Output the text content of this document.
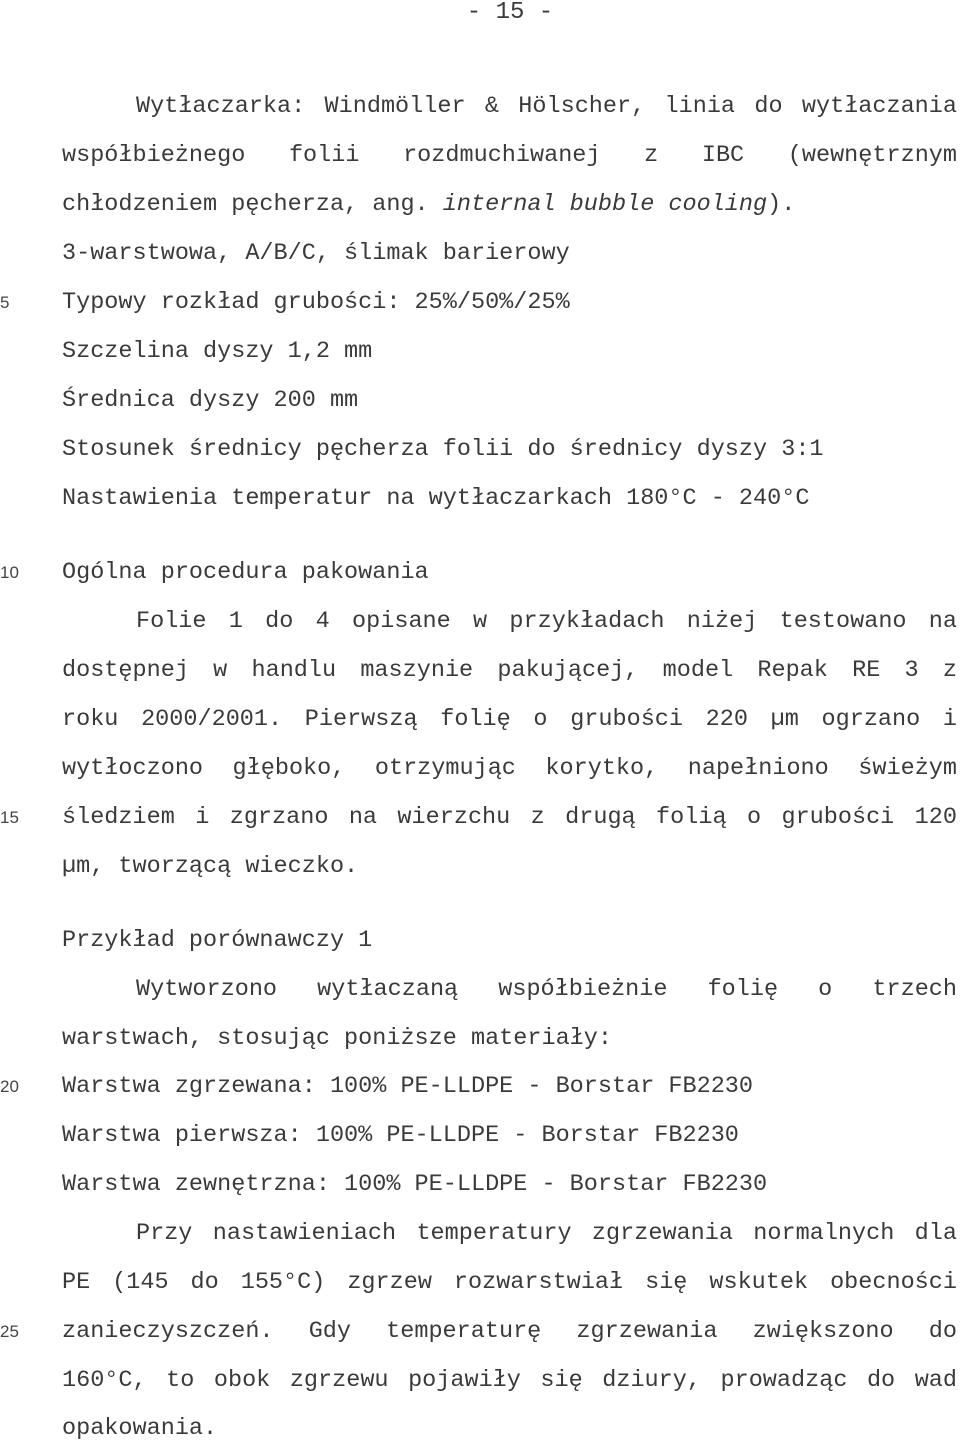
- 15 -
5
10
15
20
25
Wytłaczarka: Windmöller & Hölscher, linia do wytłaczania
współbieżnego folii rozdmuchiwanej z IBC (wewnętrznym
chłodzeniem pęcherza, ang. internal bubble cooling).
3-warstwowa, A/B/C, ślimak barierowy
Typowy rozkład grubości: 25%/50%/25%
Szczelina dyszy 1,2 mm
Średnica dyszy 200 mm
Stosunek średnicy pęcherza folii do średnicy dyszy 3:1
Nastawienia temperatur na wytłaczarkach 180°C - 240°C
Ogólna procedura pakowania
Folie 1 do 4 opisane w przykładach niżej testowano na
dostępnej w handlu maszynie pakującej, model Repak RE 3 z
roku 2000/2001. Pierwszą folię o grubości 220 µm ogrzano i
wytłoczono głęboko, otrzymując korytko, napełniono świeżym
śledziem i zgrzano na wierzchu z drugą folią o grubości 120
µm, tworzącą wieczko.
Przykład porównawczy 1
Wytworzono wytłaczaną współbieżnie folię o trzech
warstwach, stosując poniższe materiały:
Warstwa zgrzewana: 100% PE-LLDPE - Borstar FB2230
Warstwa pierwsza: 100% PE-LLDPE - Borstar FB2230
Warstwa zewnętrzna: 100% PE-LLDPE - Borstar FB2230
Przy nastawieniach temperatury zgrzewania normalnych dla
PE (145 do 155°C) zgrzew rozwarstwiał się wskutek obecności
zanieczyszczeń. Gdy temperaturę zgrzewania zwiększono do
160°C, to obok zgrzewu pojawiły się dziury, prowadząc do wad
opakowania.
